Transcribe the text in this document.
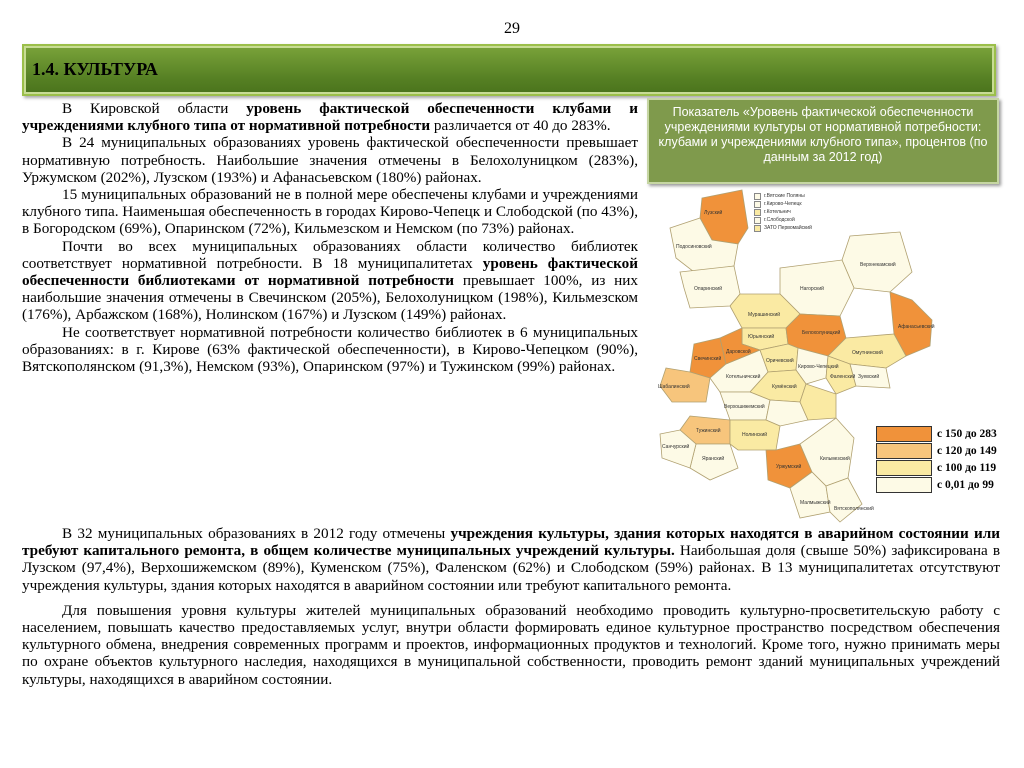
29
1.4. КУЛЬТУРА

В Кировской области уровень фактической обеспеченности клубами и учреждениями клубного типа от нормативной потребности различается от 40 до 283%.

В 24 муниципальных образованиях уровень фактической обеспеченности превышает нормативную потребность. Наибольшие значения отмечены в Белохолуницком (283%), Уржумском (202%), Лузском (193%) и Афанасьевском (180%) районах.

15 муниципальных образований не в полной мере обеспечены клубами и учреждениями клубного типа. Наименьшая обеспеченность в городах Кирово-Чепецк и Слободской (по 43%), в Богородском (69%), Опаринском (72%), Кильмезском и Немском (по 73%) районах.

Почти во всех муниципальных образованиях области количество библиотек соответствует нормативной потребности. В 18 муниципалитетах уровень фактической обеспеченности библиотеками от нормативной потребности превышает 100%, из них наибольшие значения отмечены в Свечинском (205%), Белохолуницком (198%), Кильмезском (176%), Арбажском (168%), Нолинском (167%) и Лузском (149%) районах.

Не соответствует нормативной потребности количество библиотек в 6 муниципальных образованиях: в г. Кирове (63% фактической обеспеченности), в Кирово-Чепецком (90%), Вятскополянском (91,3%), Немском (93%), Опаринском (97%) и Тужинском (99%) районах.

Показатель «Уровень фактической обеспеченности учреждениями культуры от нормативной потребности: клубами и учреждениями клубного типа», процентов (по данным за 2012 год)
Лузский
Подосиновский
Опаринский
Верхнекамский
Нагорский
Мурашинский
Юрьянский
Белохолуницкий
Афанасьевский
Свечинский
Омутнинский
Шабалинский
Котельничский
Даровской
Оричевский
Кирово-Чепецкий
Кумёнский
Фаленский Зуевский
Верхошижемский
Нолинский
Санчурский
Тужинский
Яранский
Уржумский
Малмыжский
Кильмезский
Вятскополянский
г.Вятские Поляны
г.Кирово-Чепецк
г.Котельнич
г.Слободской
ЗАТО Первомайский
с 150 до 283
с 120 до 149
с 100 до 119
с 0,01 до 99

В 32 муниципальных образованиях в 2012 году отмечены учреждения культуры, здания которых находятся в аварийном состоянии или требуют капитального ремонта, в общем количестве муниципальных учреждений культуры. Наибольшая доля (свыше 50%) зафиксирована в Лузском (97,4%), Верхошижемском (89%), Куменском (75%), Фаленском (62%) и Слободском (59%) районах. В 13 муниципалитетах отсутствуют учреждения культуры, здания которых находятся в аварийном состоянии или требуют капитального ремонта.

Для повышения уровня культуры жителей муниципальных образований необходимо проводить культурно-просветительскую работу с населением, повышать качество предоставляемых услуг, внутри области формировать единое культурное пространство посредством обеспечения культурного обмена, внедрения современных программ и проектов, информационных продуктов и технологий. Кроме того, нужно принимать меры по охране объектов культурного наследия, находящихся в муниципальной собственности, проводить ремонт зданий муниципальных учреждений культуры, находящихся в аварийном состоянии.
